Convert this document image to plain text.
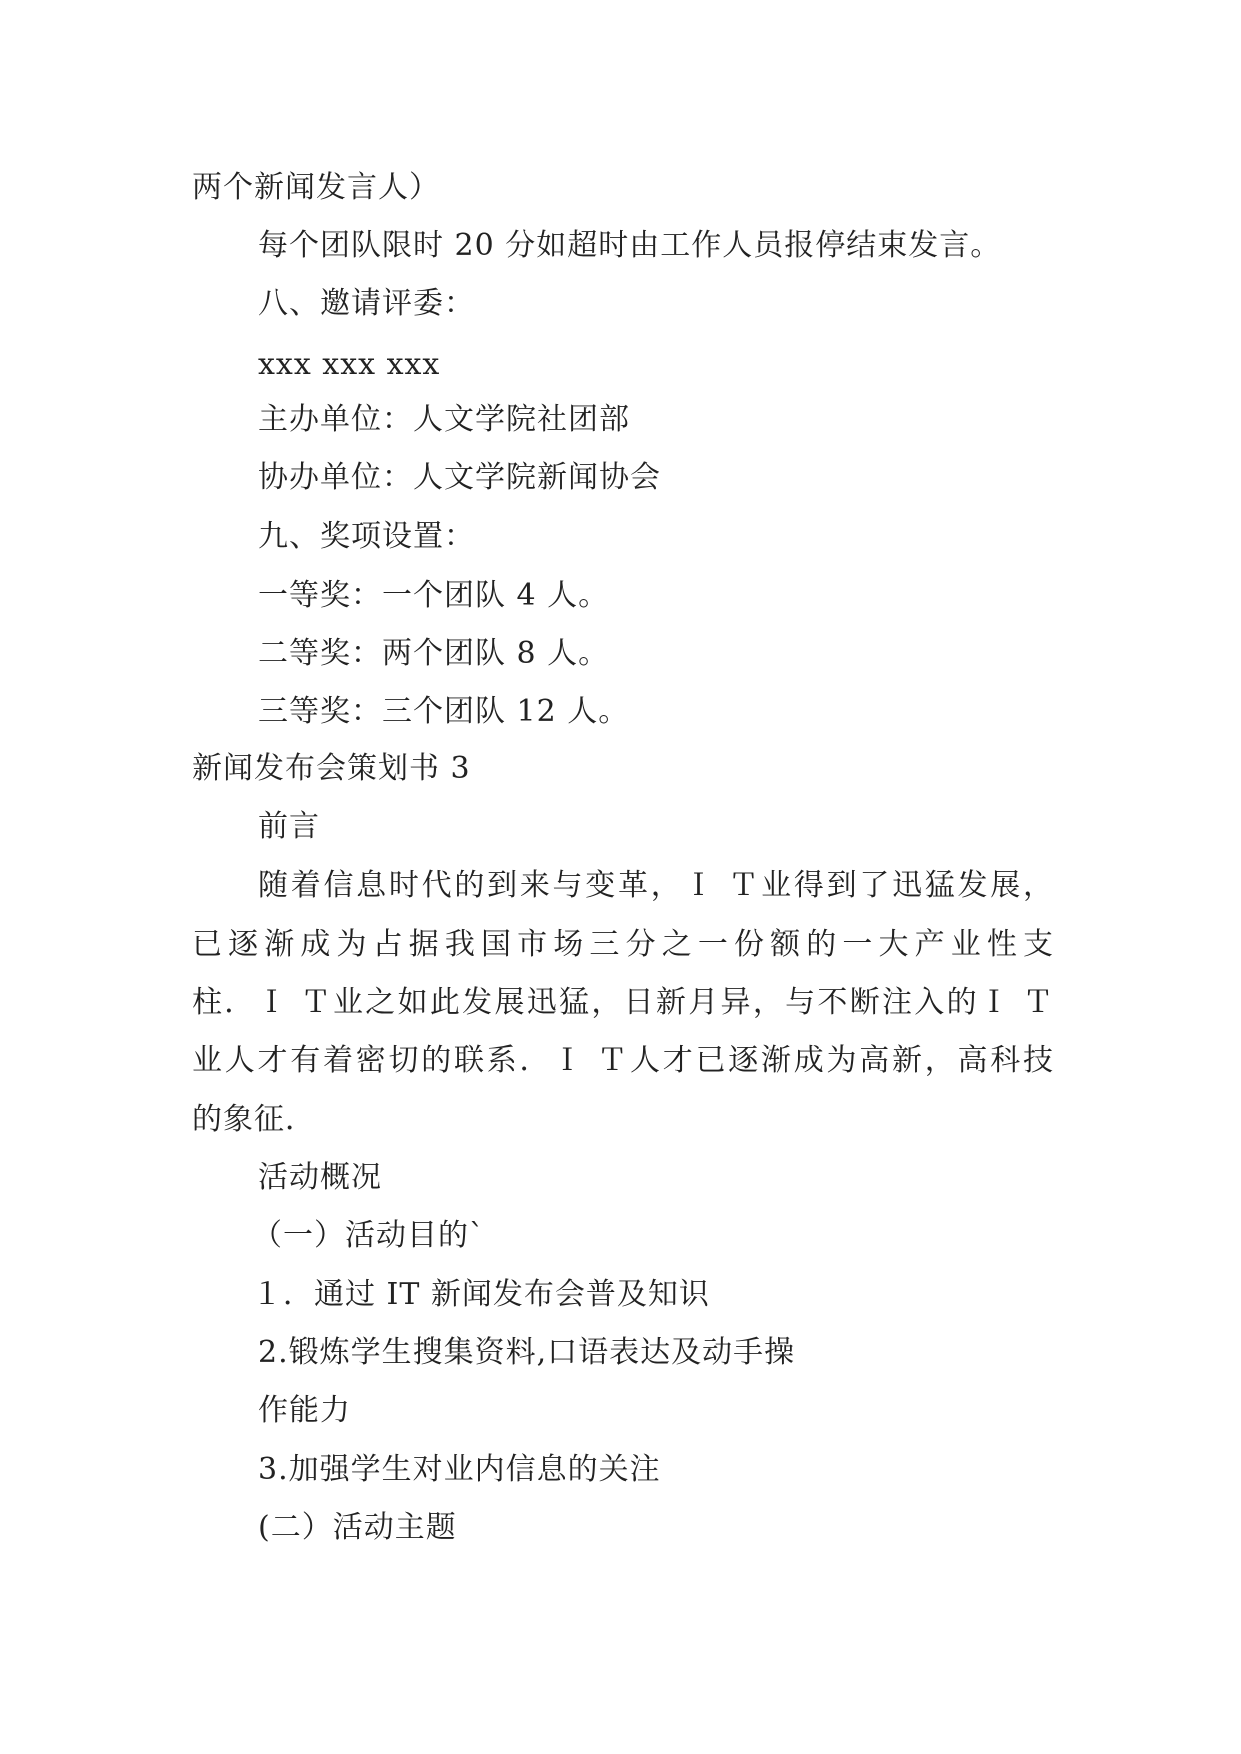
两个新闻发言人）
每个团队限时 20 分如超时由工作人员报停结束发言。
八、邀请评委：
xxx xxx xxx
主办单位：人文学院社团部
协办单位：人文学院新闻协会
九、奖项设置：
一等奖：一个团队 4 人。
二等奖：两个团队 8 人。
三等奖：三个团队 12 人。
新闻发布会策划书 3
前言
随着信息时代的到来与变革，Ｉ Ｔ业得到了迅猛发展，
已逐渐成为占据我国市场三分之一份额的一大产业性支
柱．Ｉ Ｔ业之如此发展迅猛，日新月异，与不断注入的Ｉ Ｔ
业人才有着密切的联系．Ｉ Ｔ人才已逐渐成为高新，高科技
的象征．
活动概况
（一）活动目的`
１．通过 IT 新闻发布会普及知识
2.锻炼学生搜集资料,口语表达及动手操
作能力
3.加强学生对业内信息的关注
(二）活动主题
